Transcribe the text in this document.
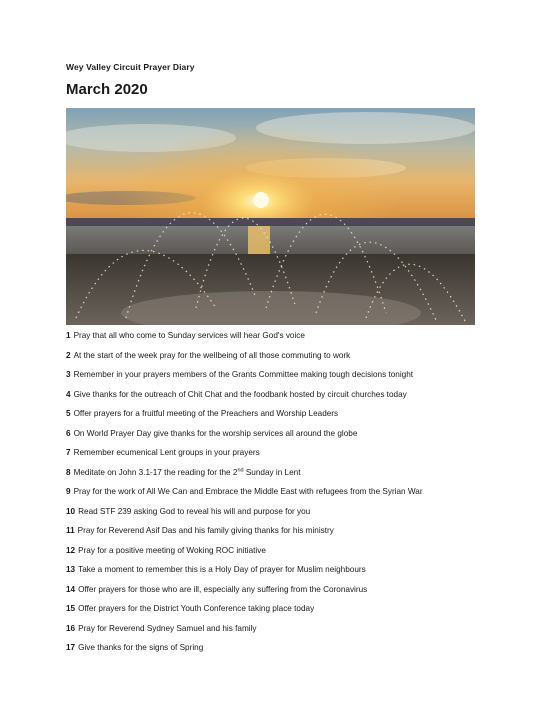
Wey Valley Circuit Prayer Diary
March 2020
1 Pray that all who come to Sunday services will hear God's voice
2 At the start of the week pray for the wellbeing of all those commuting to work
3 Remember in your prayers members of the Grants Committee making tough decisions tonight
4 Give thanks for the outreach of Chit Chat and the foodbank hosted by circuit churches today
5 Offer prayers for a fruitful meeting of the Preachers and Worship Leaders
6 On World Prayer Day give thanks for the worship services all around the globe
7 Remember ecumenical Lent groups in your prayers
8 Meditate on John 3.1-17 the reading for the 2nd Sunday in Lent
9 Pray for the work of All We Can and Embrace the Middle East with refugees from the Syrian War
10 Read STF 239 asking God to reveal his will and purpose for you
11 Pray for Reverend Asif Das and his family giving thanks for his ministry
12 Pray for a positive meeting of Woking ROC initiative
13 Take a moment to remember this is a Holy Day of prayer for Muslim neighbours
14 Offer prayers for those who are ill, especially any suffering from the Coronavirus
15 Offer prayers for the District Youth Conference taking place today
16 Pray for Reverend Sydney Samuel and his family
17 Give thanks for the signs of Spring
